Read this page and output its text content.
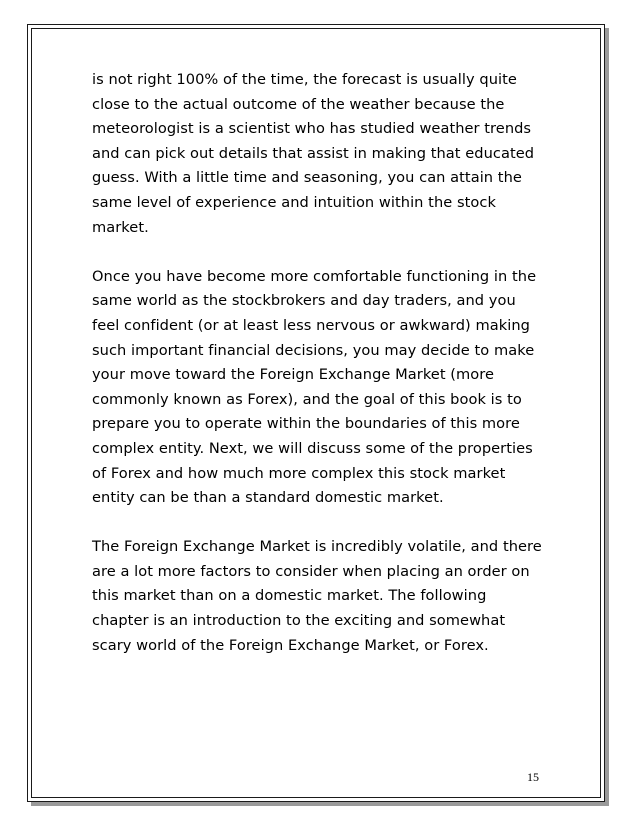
is not right 100% of the time, the forecast is usually quite
close to the actual outcome of the weather because the
meteorologist is a scientist who has studied weather trends
and can pick out details that assist in making that educated
guess. With a little time and seasoning, you can attain the
same level of experience and intuition within the stock
market.

Once you have become more comfortable functioning in the
same world as the stockbrokers and day traders, and you
feel confident (or at least less nervous or awkward) making
such important financial decisions, you may decide to make
your move toward the Foreign Exchange Market (more
commonly known as Forex), and the goal of this book is to
prepare you to operate within the boundaries of this more
complex entity. Next, we will discuss some of the properties
of Forex and how much more complex this stock market
entity can be than a standard domestic market.

The Foreign Exchange Market is incredibly volatile, and there
are a lot more factors to consider when placing an order on
this market than on a domestic market. The following
chapter is an introduction to the exciting and somewhat
scary world of the Foreign Exchange Market, or Forex.

15
